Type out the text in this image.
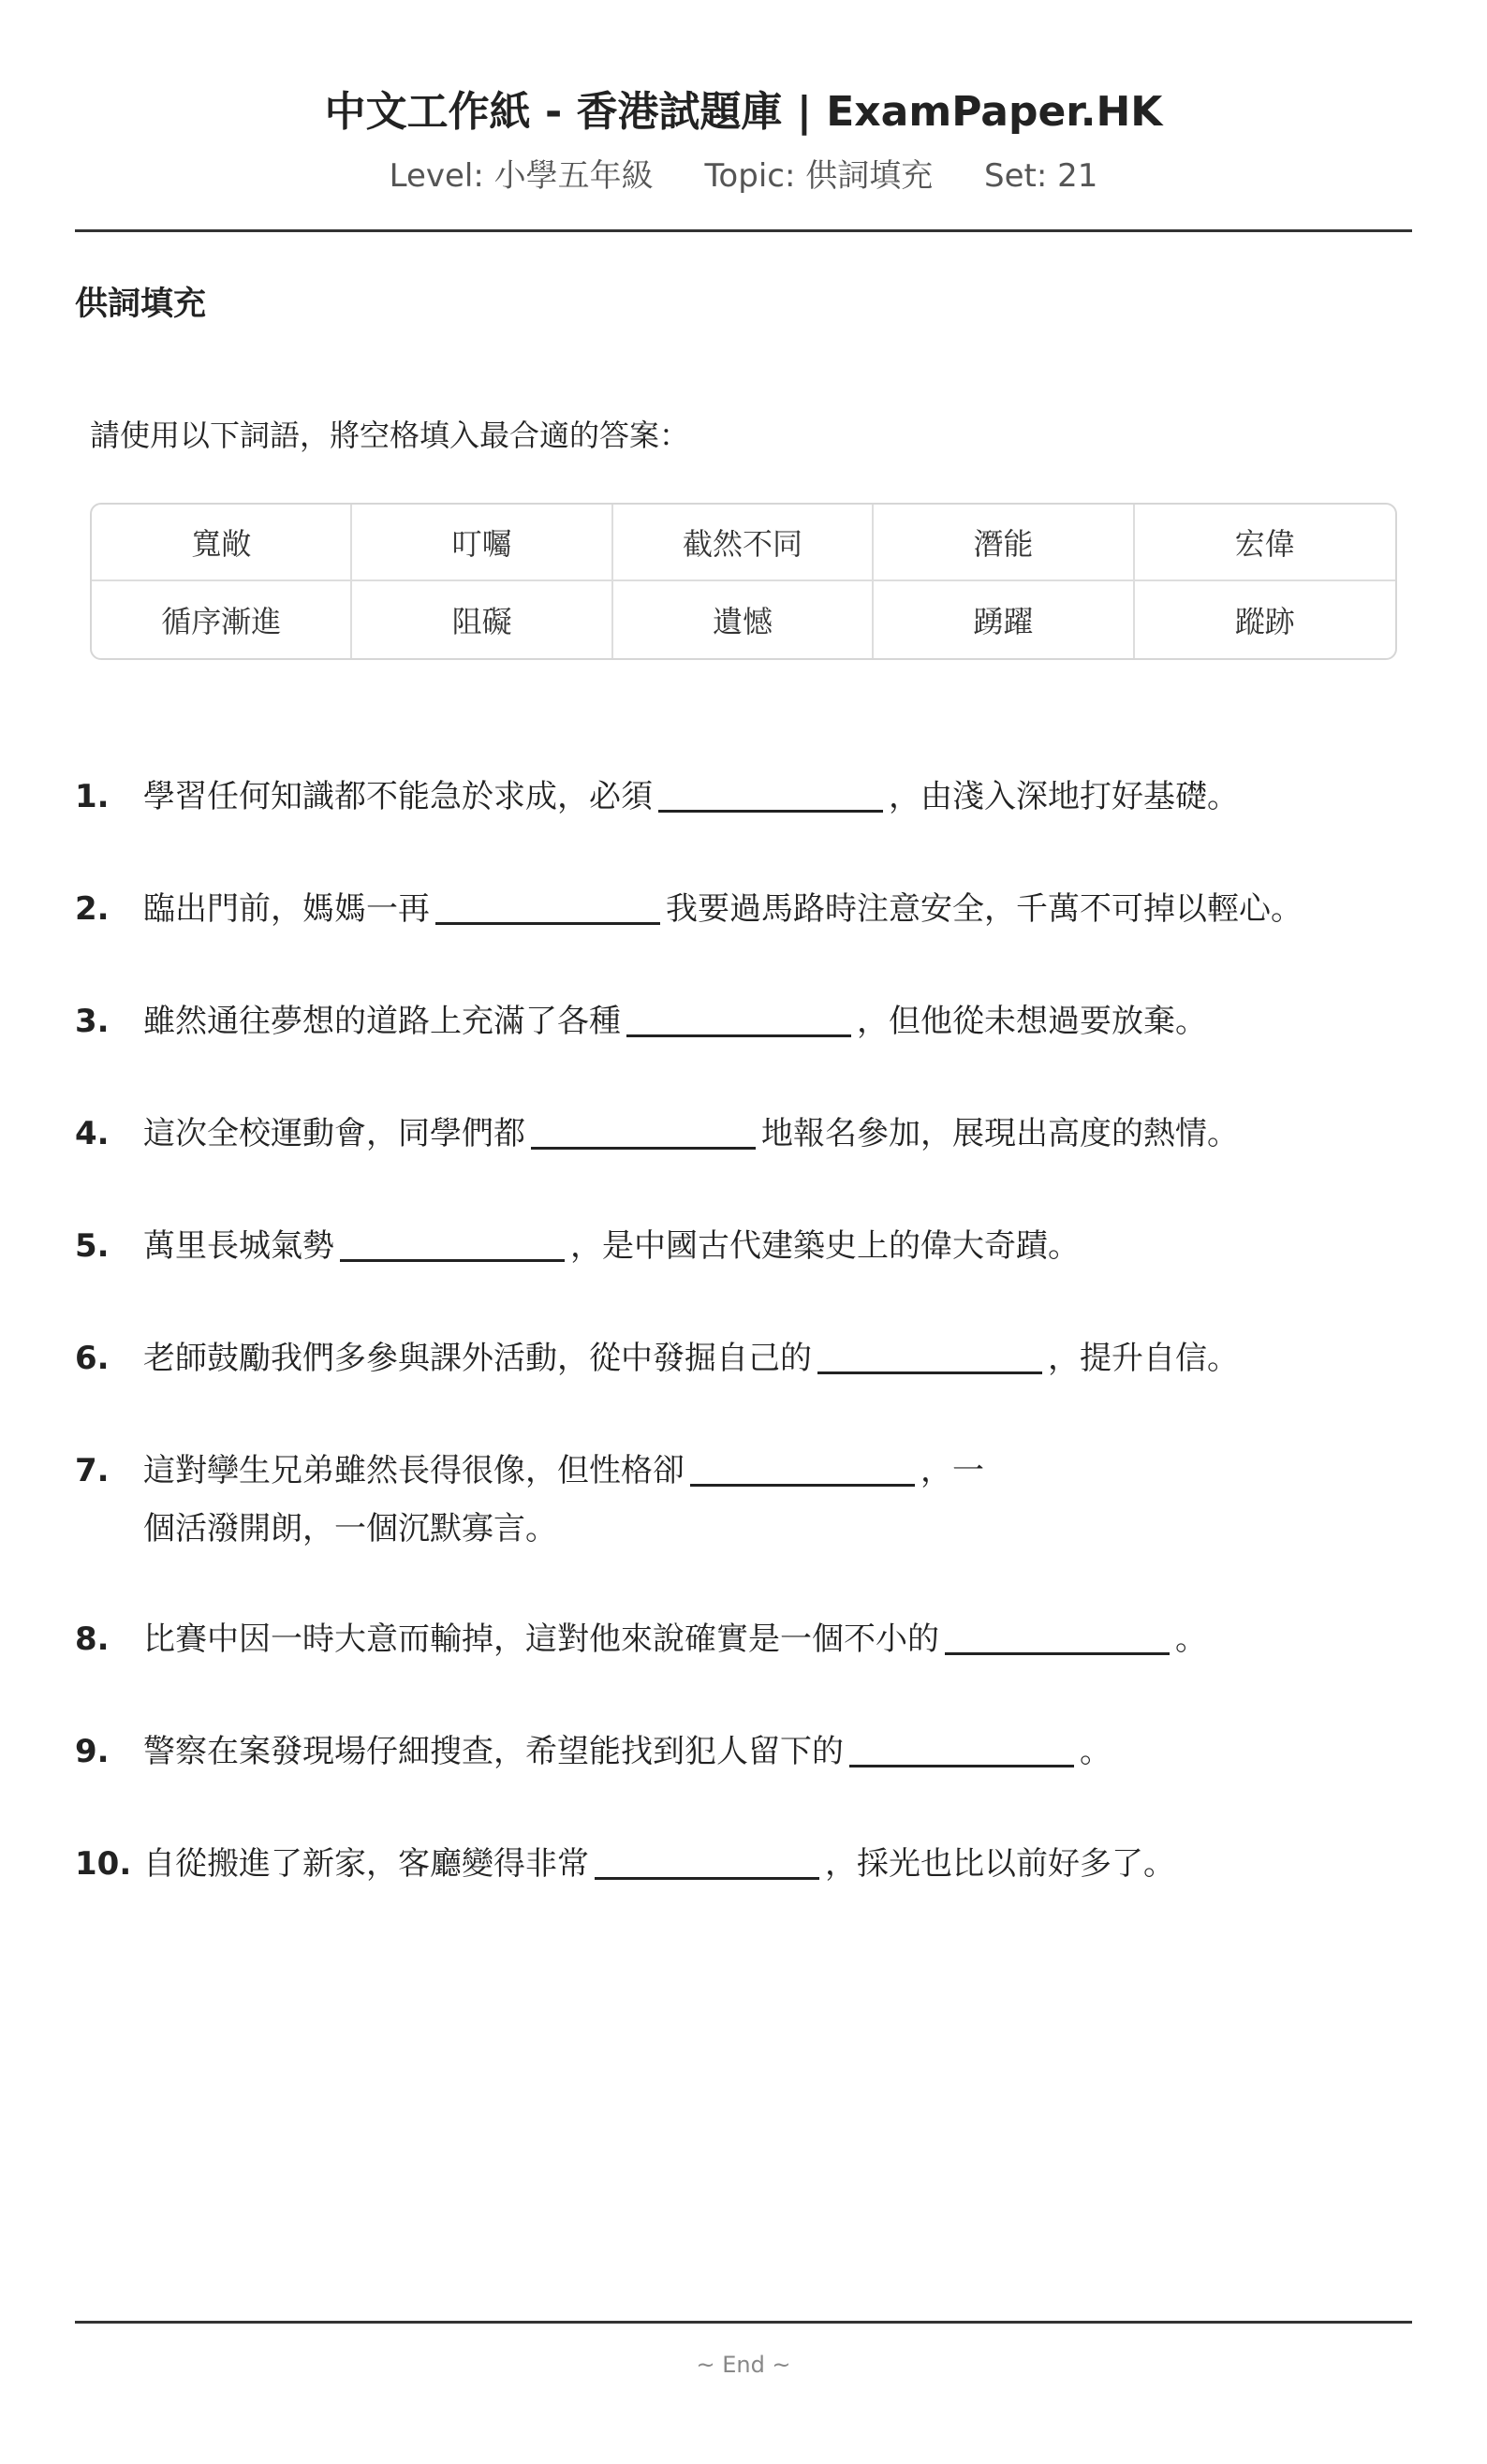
中文工作紙 - 香港試題庫 | ExamPaper.HK
Level: 小學五年級 Topic: 供詞填充 Set: 21
供詞填充
請使用以下詞語，將空格填入最合適的答案：
寬敞	叮囑	截然不同	潛能	宏偉
循序漸進	阻礙	遺憾	踴躍	蹤跡
1. 學習任何知識都不能急於求成，必須	，由淺入深地打好基礎。
2. 臨出門前，媽媽一再	我要過馬路時注意安全，千萬不可掉以輕心。
3. 雖然通往夢想的道路上充滿了各種	，但他從未想過要放棄。
4. 這次全校運動會，同學們都	地報名參加，展現出高度的熱情。
5. 萬里長城氣勢	，是中國古代建築史上的偉大奇蹟。
6. 老師鼓勵我們多參與課外活動，從中發掘自己的	，提升自信。
7. 這對孿生兄弟雖然長得很像，但性格卻	，一個活潑開朗，一個沉默寡言。
8. 比賽中因一時大意而輸掉，這對他來說確實是一個不小的	。
9. 警察在案發現場仔細搜查，希望能找到犯人留下的	。
10. 自從搬進了新家，客廳變得非常	，採光也比以前好多了。
~ End ~
